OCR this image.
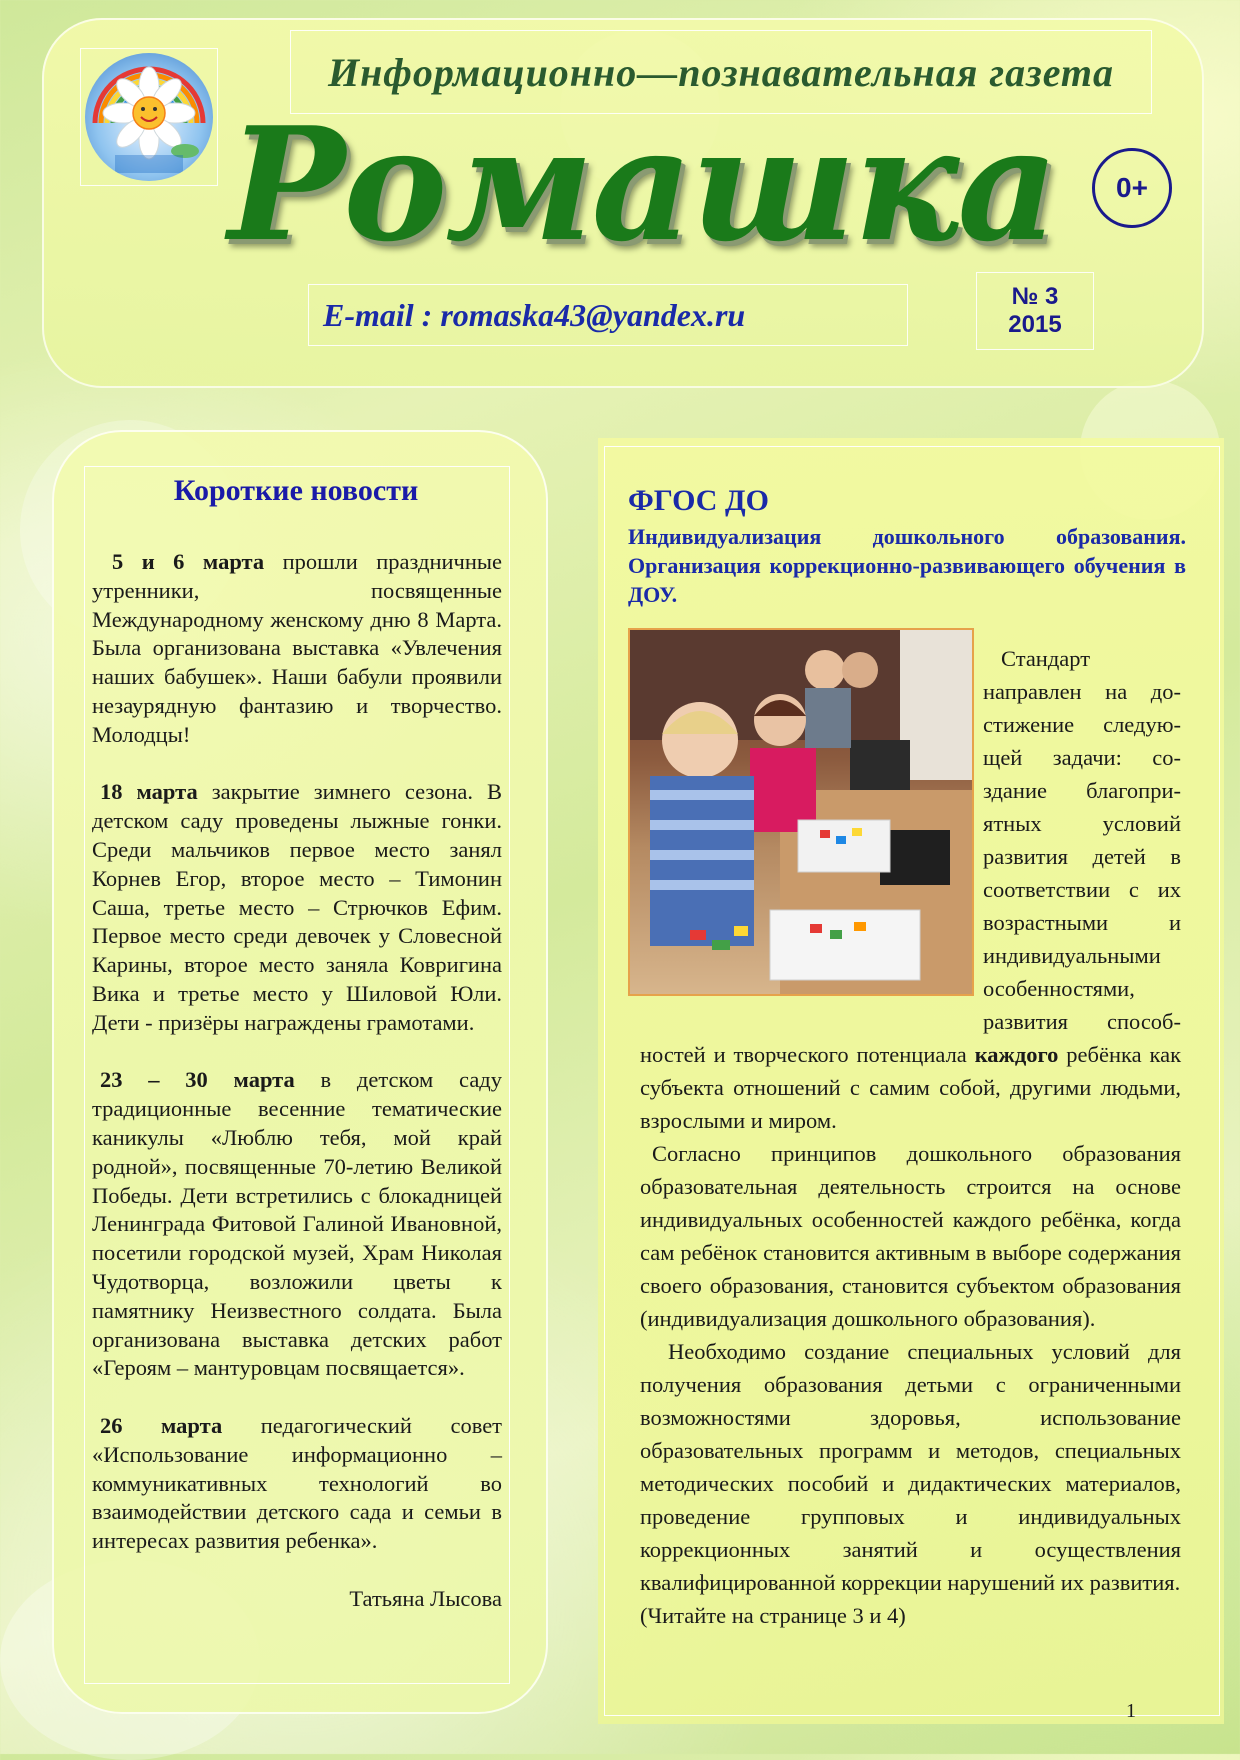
Информационно—познавательная газета
Ромашка	0+
E-mail : romaska43@yandex.ru	№ 3
2015
Короткие новости

5 и 6 марта прошли праздничные утренники, посвященные Международному женскому дню 8 Марта. Была организована выставка «Увлечения наших бабушек». Наши бабули проявили незаурядную фантазию и творчество. Молодцы!

18 марта закрытие зимнего сезона. В детском саду проведены лыжные гонки. Среди мальчиков первое место занял Корнев Егор, второе место – Тимонин Саша, третье место – Стрючков Ефим. Первое место среди девочек у Словесной Карины, второе место заняла Ковригина Вика и третье место у Шиловой Юли. Дети - призёры награждены грамотами.

23 – 30 марта в детском саду традиционные весенние тематические каникулы «Люблю тебя, мой край родной», посвященные 70-летию Великой Победы. Дети встретились с блокадницей Ленинграда Фитовой Галиной Ивановной, посетили городской музей, Храм Николая Чудотворца, возложили цветы к памятнику Неизвестного солдата. Была организована выставка детских работ «Героям – мантуровцам посвящается».

26 марта педагогический совет «Использование информационно – коммуникативных технологий во взаимодействии детского сада и семьи в интересах развития ребенка».

Татьяна Лысова
ФГОС ДО
Индивидуализация дошкольного образования. Организация коррекционно-развивающего обучения в ДОУ.
Стандарт
направлен на до-
стижение следую-
щей задачи: со-
здание благопри-
ятных условий
развития детей в
соответствии с их
возрастными и
индивидуальными
особенностями,
развития способ-

ностей и творческого потенциала каждого ребёнка как субъекта отношений с самим собой, другими людьми, взрослыми и миром.

Согласно принципов дошкольного образования образовательная деятельность строится на основе индивидуальных особенностей каждого ребёнка, когда сам ребёнок становится активным в выборе содержания своего образования, становится субъектом образования (индивидуализация дошкольного образования).

Необходимо создание специальных условий для получения образования детьми с ограниченными возможностями здоровья, использование образовательных программ и методов, специальных методических пособий и дидактических материалов, проведение групповых и индивидуальных коррекционных занятий и осуществления квалифицированной коррекции нарушений их развития.

(Читайте на странице 3 и 4)

1
